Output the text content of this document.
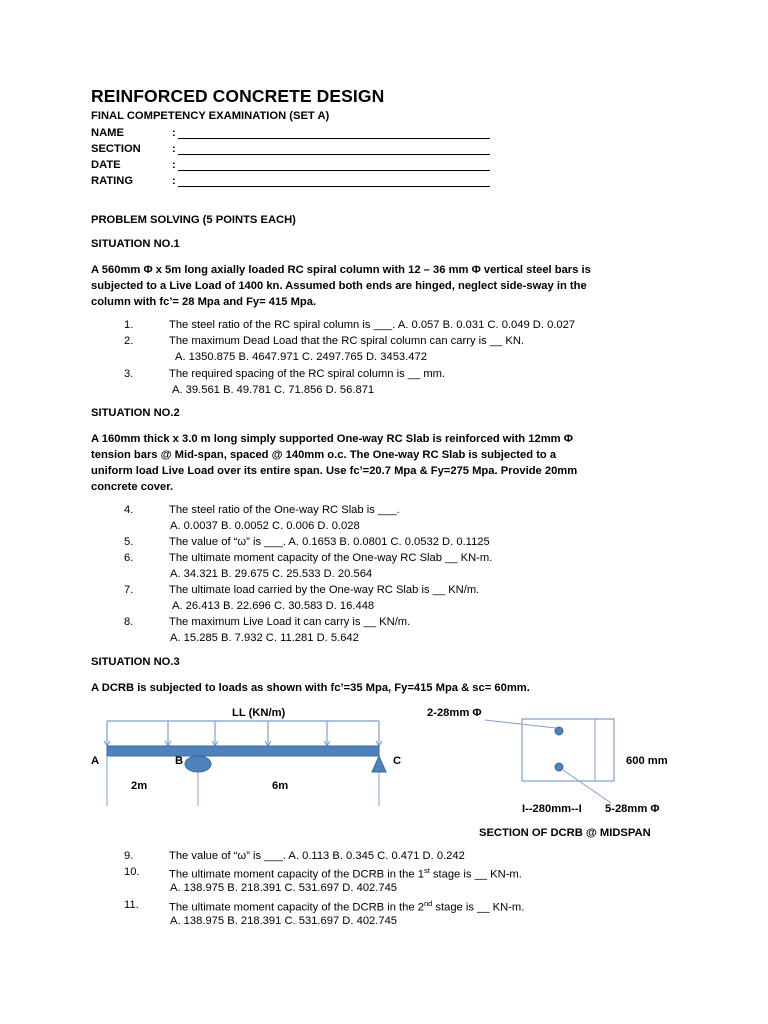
REINFORCED CONCRETE DESIGN
FINAL COMPETENCY EXAMINATION (SET A)
NAME	:
SECTION	:
DATE	:
RATING	:
PROBLEM SOLVING (5 POINTS EACH)
SITUATION NO.1
A 560mm Φ x 5m long axially loaded RC spiral column with 12 – 36 mm Φ vertical steel bars is
subjected to a Live Load of 1400 kn. Assumed both ends are hinged, neglect side-sway in the
column with fc’= 28 Mpa and Fy= 415 Mpa.
1.	The steel ratio of the RC spiral column is ___. A. 0.057 B. 0.031 C. 0.049 D. 0.027
2.	The maximum Dead Load that the RC spiral column can carry is __ KN.
A. 1350.875 B. 4647.971 C. 2497.765 D. 3453.472
3.	The required spacing of the RC spiral column is __ mm.
A. 39.561 B. 49.781 C. 71.856 D. 56.871
SITUATION NO.2
A 160mm thick x 3.0 m long simply supported One-way RC Slab is reinforced with 12mm Φ
tension bars @ Mid-span, spaced @ 140mm o.c. The One-way RC Slab is subjected to a
uniform load Live Load over its entire span. Use fc’=20.7 Mpa & Fy=275 Mpa. Provide 20mm
concrete cover.
4.	The steel ratio of the One-way RC Slab is ___.
A. 0.0037 B. 0.0052 C. 0.006 D. 0.028
5.	The value of “ω” is ___. A. 0.1653 B. 0.0801 C. 0.0532 D. 0.1125
6.	The ultimate moment capacity of the One-way RC Slab __ KN-m.
A. 34.321 B. 29.675 C. 25.533 D. 20.564
7.	The ultimate load carried by the One-way RC Slab is __ KN/m.
A. 26.413 B. 22.696 C. 30.583 D. 16.448
8.	The maximum Live Load it can carry is __ KN/m.
A. 15.285 B. 7.932 C. 11.281 D. 5.642
SITUATION NO.3
A DCRB is subjected to loads as shown with fc’=35 Mpa, Fy=415 Mpa & sc= 60mm.
LL (KN/m)
A	B	C
2m	6m
2-28mm Φ
600 mm
I--280mm--I 5-28mm Φ
SECTION OF DCRB @ MIDSPAN
9.	The value of “ω” is ___. A. 0.113 B. 0.345 C. 0.471 D. 0.242
10.	The ultimate moment capacity of the DCRB in the 1st stage is __ KN-m.
A. 138.975 B. 218.391 C. 531.697 D. 402.745
11.	The ultimate moment capacity of the DCRB in the 2nd stage is __ KN-m.
A. 138.975 B. 218.391 C. 531.697 D. 402.745
